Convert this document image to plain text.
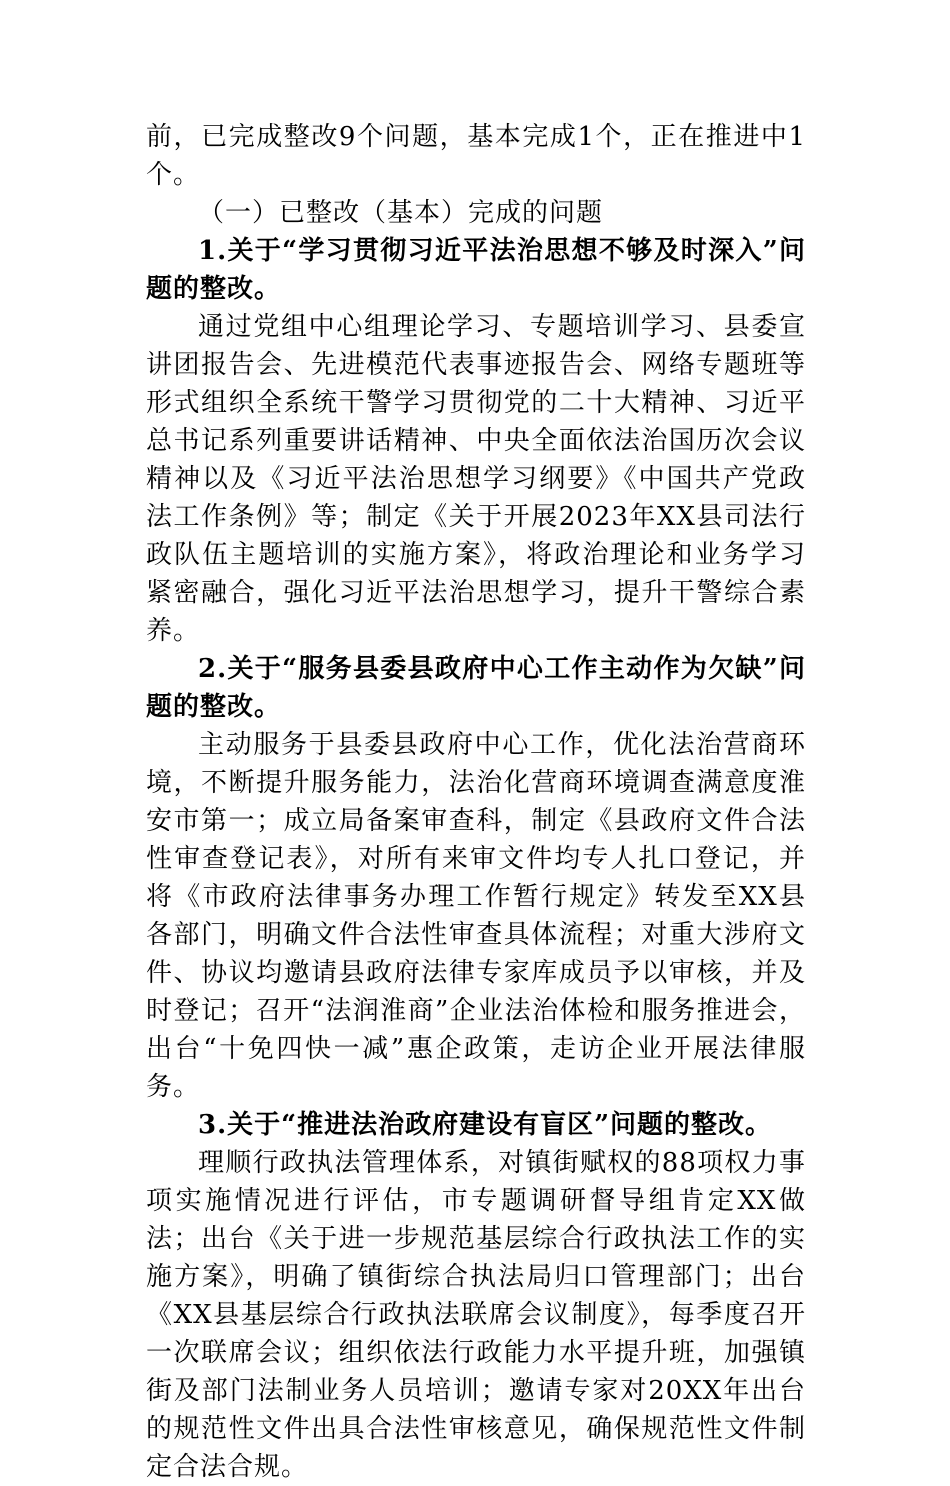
前，已完成整改9个问题，基本完成1个，正在推进中1个。

（一）已整改（基本）完成的问题

1.关于“学习贯彻习近平法治思想不够及时深入”问题的整改。

通过党组中心组理论学习、专题培训学习、县委宣讲团报告会、先进模范代表事迹报告会、网络专题班等形式组织全系统干警学习贯彻党的二十大精神、习近平总书记系列重要讲话精神、中央全面依法治国历次会议精神以及《习近平法治思想学习纲要》《中国共产党政法工作条例》等；制定《关于开展2023年XX县司法行政队伍主题培训的实施方案》，将政治理论和业务学习紧密融合，强化习近平法治思想学习，提升干警综合素养。

2.关于“服务县委县政府中心工作主动作为欠缺”问题的整改。

主动服务于县委县政府中心工作，优化法治营商环境，不断提升服务能力，法治化营商环境调查满意度淮安市第一；成立局备案审查科，制定《县政府文件合法性审查登记表》，对所有来审文件均专人扎口登记，并将《市政府法律事务办理工作暂行规定》转发至XX县各部门，明确文件合法性审查具体流程；对重大涉府文件、协议均邀请县政府法律专家库成员予以审核，并及时登记；召开“法润淮商”企业法治体检和服务推进会，出台“十免四快一减”惠企政策，走访企业开展法律服务。

3.关于“推进法治政府建设有盲区”问题的整改。

理顺行政执法管理体系，对镇街赋权的88项权力事项实施情况进行评估，市专题调研督导组肯定XX做法；出台《关于进一步规范基层综合行政执法工作的实施方案》，明确了镇街综合执法局归口管理部门；出台《XX县基层综合行政执法联席会议制度》，每季度召开一次联席会议；组织依法行政能力水平提升班，加强镇街及部门法制业务人员培训；邀请专家对20XX年出台的规范性文件出具合法性审核意见，确保规范性文件制定合法合规。
